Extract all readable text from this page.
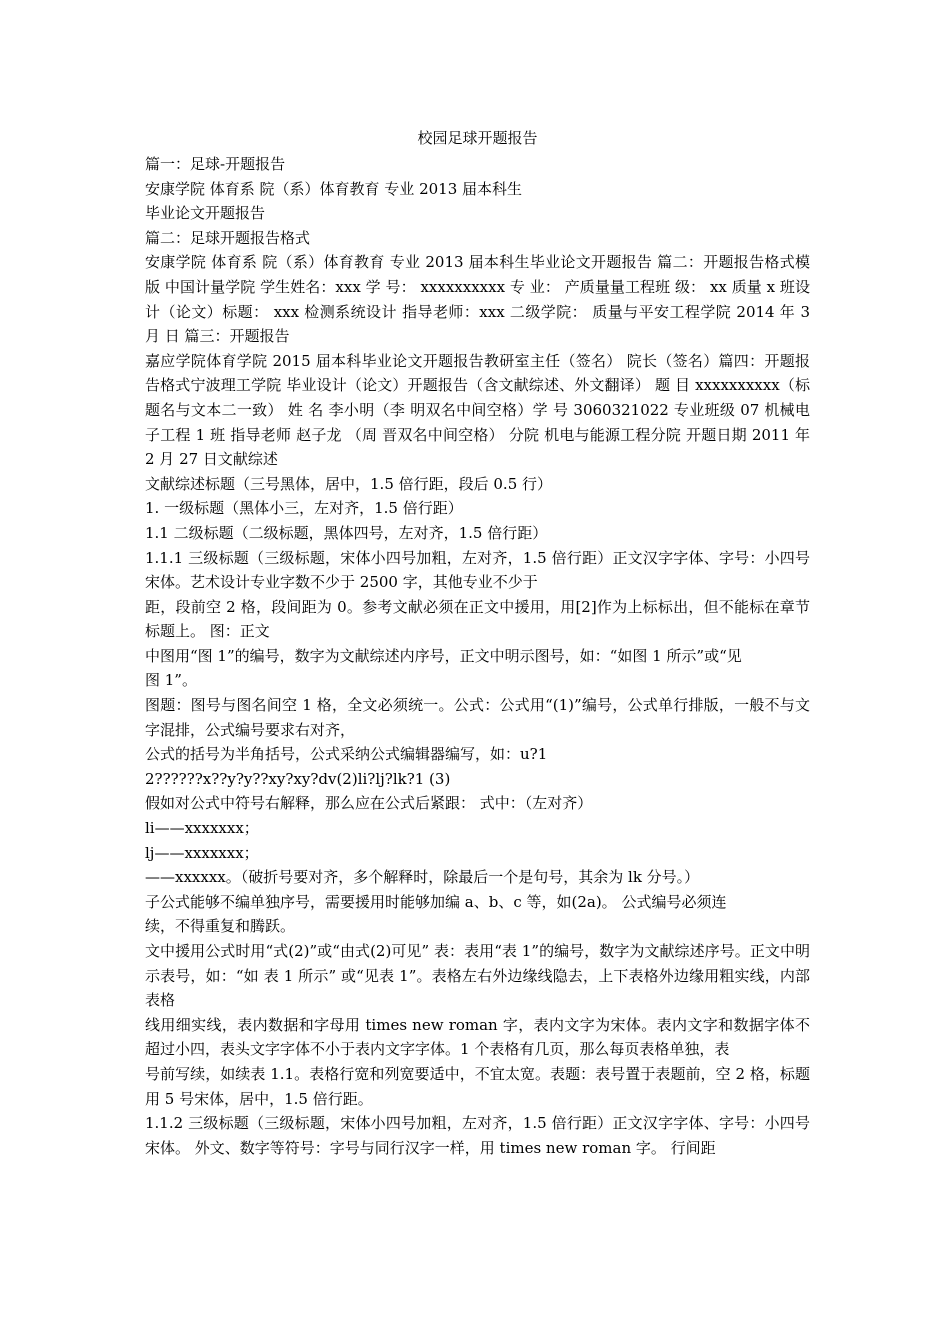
校园足球开题报告

篇一：足球-开题报告

安康学院 体育系 院（系）体育教育 专业 2013 届本科生

毕业论文开题报告

篇二：足球开题报告格式

安康学院 体育系 院（系）体育教育 专业 2013 届本科生毕业论文开题报告 篇二：开题报告格式模版 中国计量学院 学生姓名：xxx 学 号： xxxxxxxxxx 专 业： 产质量量工程班 级： xx 质量 x 班设计（论文）标题： xxx 检测系统设计 指导老师：xxx 二级学院： 质量与平安工程学院 2014 年 3 月 日 篇三：开题报告

嘉应学院体育学院 2015 届本科毕业论文开题报告教研室主任（签名） 院长（签名）篇四：开题报告格式宁波理工学院 毕业设计（论文）开题报告（含文献综述、外文翻译） 题 目 xxxxxxxxxx（标题名与文本二一致） 姓 名 李小明（李 明双名中间空格）学 号 3060321022 专业班级 07 机械电子工程 1 班 指导老师 赵子龙 （周 晋双名中间空格） 分院 机电与能源工程分院 开题日期 2011 年 2 月 27 日文献综述

文献综述标题（三号黑体，居中，1.5 倍行距，段后 0.5 行）

1. 一级标题（黑体小三，左对齐，1.5 倍行距）

1.1 二级标题（二级标题，黑体四号，左对齐，1.5 倍行距）

1.1.1 三级标题（三级标题，宋体小四号加粗，左对齐，1.5 倍行距）正文汉字字体、字号：小四号宋体。艺术设计专业字数不少于 2500 字，其他专业不少于

距，段前空 2 格，段间距为 0。参考文献必须在正文中援用，用[2]作为上标标出，但不能标在章节标题上。 图：正文

中图用“图 1”的编号，数字为文献综述内序号，正文中明示图号，如：“如图 1 所示”或“见

图 1”。

图题：图号与图名间空 1 格，全文必须统一。公式：公式用“(1)”编号，公式单行排版，一般不与文字混排，公式编号要求右对齐，

公式的括号为半角括号，公式采纳公式编辑器编写，如：u?1

2??????x??y?y??xy?xy?dv(2)li?lj?lk?1 (3)

假如对公式中符号右解释，那么应在公式后紧跟： 式中：（左对齐）

li——xxxxxxx；

lj——xxxxxxx；

——xxxxxx。（破折号要对齐，多个解释时，除最后一个是句号，其余为 lk 分号。）

子公式能够不编单独序号，需要援用时能够加编 a、b、c 等，如(2a)。 公式编号必须连

续，不得重复和腾跃。

文中援用公式时用“式(2)”或“由式(2)可见” 表：表用“表 1”的编号，数字为文献综述序号。正文中明示表号，如：“如 表 1 所示” 或“见表 1”。表格左右外边缘线隐去，上下表格外边缘用粗实线，内部表格

线用细实线，表内数据和字母用 times new roman 字，表内文字为宋体。表内文字和数据字体不超过小四，表头文字字体不小于表内文字字体。1 个表格有几页，那么每页表格单独，表

号前写续，如续表 1.1。表格行宽和列宽要适中，不宜太宽。表题：表号置于表题前，空 2 格，标题用 5 号宋体，居中，1.5 倍行距。

1.1.2 三级标题（三级标题，宋体小四号加粗，左对齐，1.5 倍行距）正文汉字字体、字号：小四号宋体。 外文、数字等符号：字号与同行汉字一样，用 times new roman 字。 行间距
